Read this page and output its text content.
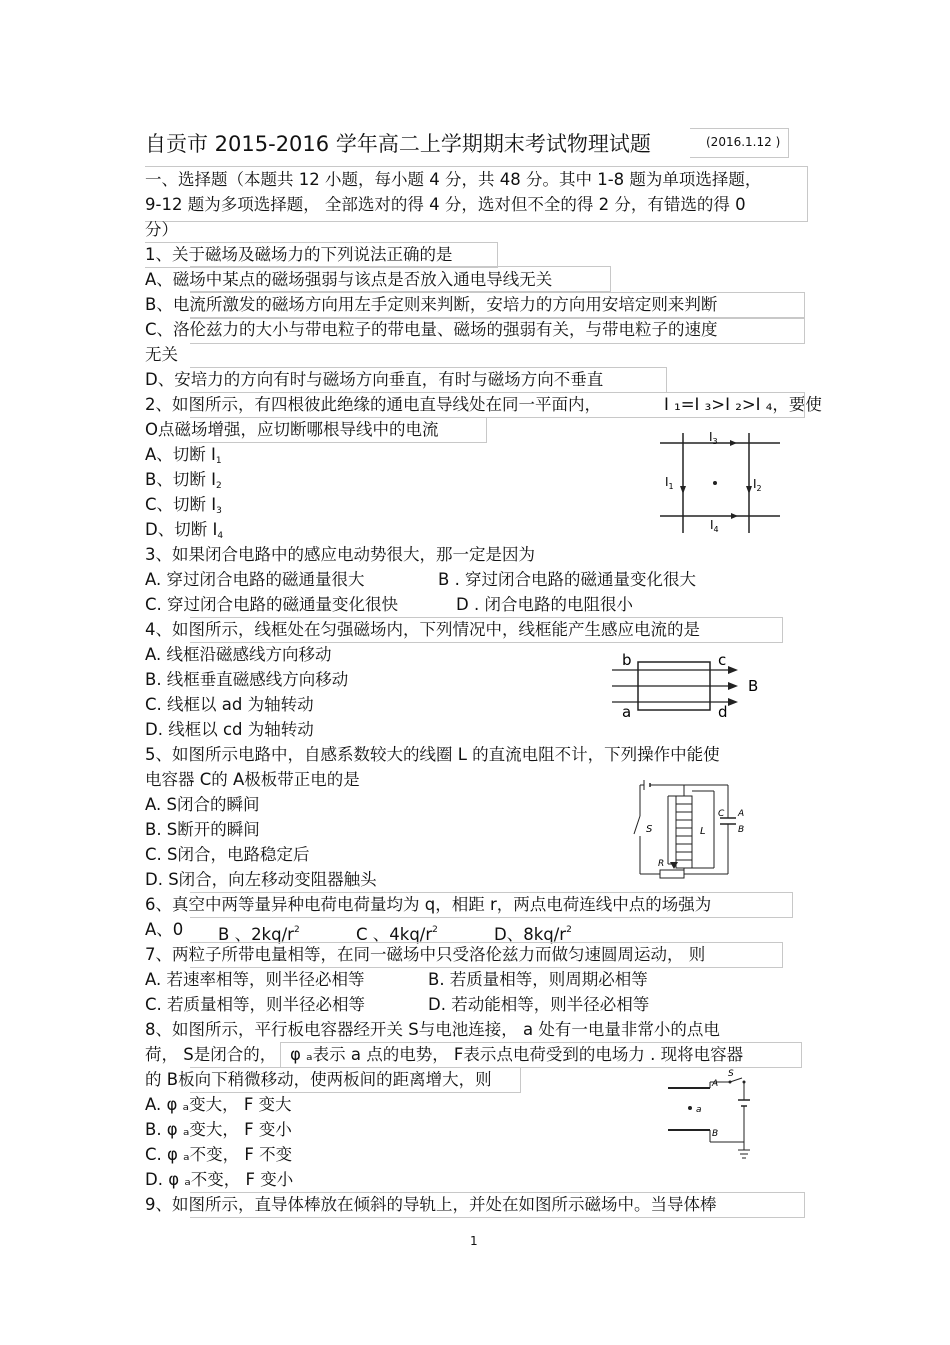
自贡市 2015-2016 学年高二上学期期末考试物理试题	(2016.1.12 )
一、选择题（本题共 12 小题，每小题 4 分，共 48 分。其中 1-8 题为单项选择题，
9-12 题为多项选择题， 全部选对的得 4 分，选对但不全的得 2 分，有错选的得 0
分）
1、关于磁场及磁场力的下列说法正确的是
A、磁场中某点的磁场强弱与该点是否放入通电导线无关
B、电流所激发的磁场方向用左手定则来判断，安培力的方向用安培定则来判断
C、洛伦兹力的大小与带电粒子的带电量、磁场的强弱有关，与带电粒子的速度
无关
D、安培力的方向有时与磁场方向垂直，有时与磁场方向不垂直
2、如图所示，有四根彼此绝缘的通电直导线处在同一平面内，	I ₁=I ₃>I ₂>I ₄，要使
O点磁场增强，应切断哪根导线中的电流
A、切断 $I_1$
B、切断 $I_2$
C、切断 $I_3$
D、切断 $I_4$
$I_3$
$I_1$	$I_2$
$I_4$
3、如果闭合电路中的感应电动势很大，那一定是因为
A. 穿过闭合电路的磁通量很大	B . 穿过闭合电路的磁通量变化很大
C. 穿过闭合电路的磁通量变化很快	D . 闭合电路的电阻很小
4、如图所示，线框处在匀强磁场内，下列情况中，线框能产生感应电流的是
A. 线框沿磁感线方向移动
B. 线框垂直磁感线方向移动
C. 线框以 ad 为轴转动
D. 线框以 cd 为轴转动
b	c
a	d
B
5、如图所示电路中，自感系数较大的线圈 L 的直流电阻不计，下列操作中能使
电容器 C的 A极板带正电的是
A. S闭合的瞬间
B. S断开的瞬间
C. S闭合，电路稳定后
D. S闭合，向左移动变阻器触头
S	L
C A
B
R
6、真空中两等量异种电荷电荷量均为 q，相距 r，两点电荷连线中点的场强为
A、0 B 、$2kq/r^2$	C 、$4kq/r^2$	D、$8kq/r^2$
7、两粒子所带电量相等，在同一磁场中只受洛伦兹力而做匀速圆周运动， 则
A. 若速率相等，则半径必相等	B. 若质量相等，则周期必相等
C. 若质量相等，则半径必相等	D. 若动能相等，则半径必相等
8、如图所示，平行板电容器经开关 S与电池连接， a 处有一电量非常小的点电
荷， S是闭合的， φ ₐ表示 a 点的电势， F表示点电荷受到的电场力 . 现将电容器
的 B板向下稍微移动，使两板间的距离增大，则
A. φ ₐ变大， F 变大
B. φ ₐ变大， F 变小
C. φ ₐ不变， F 不变
D. φ ₐ不变， F 变小
S
A
a
B
9、如图所示，直导体棒放在倾斜的导轨上，并处在如图所示磁场中。当导体棒
1
